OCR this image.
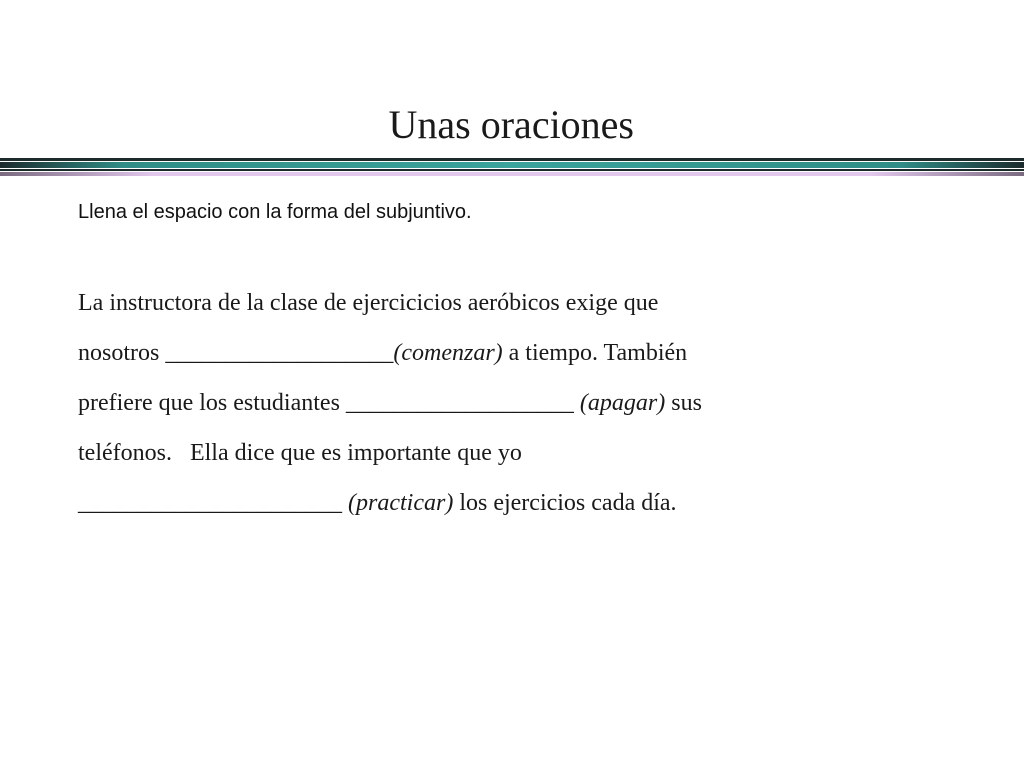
Unas oraciones
Llena el espacio con la forma del subjuntivo.
La instructora de la clase de ejercicicios aeróbicos exige que
nosotros ___________________(comenzar) a tiempo. También
prefiere que los estudiantes ___________________ (apagar) sus
teléfonos.   Ella dice que es importante que yo
______________________ (practicar) los ejercicios cada día.
